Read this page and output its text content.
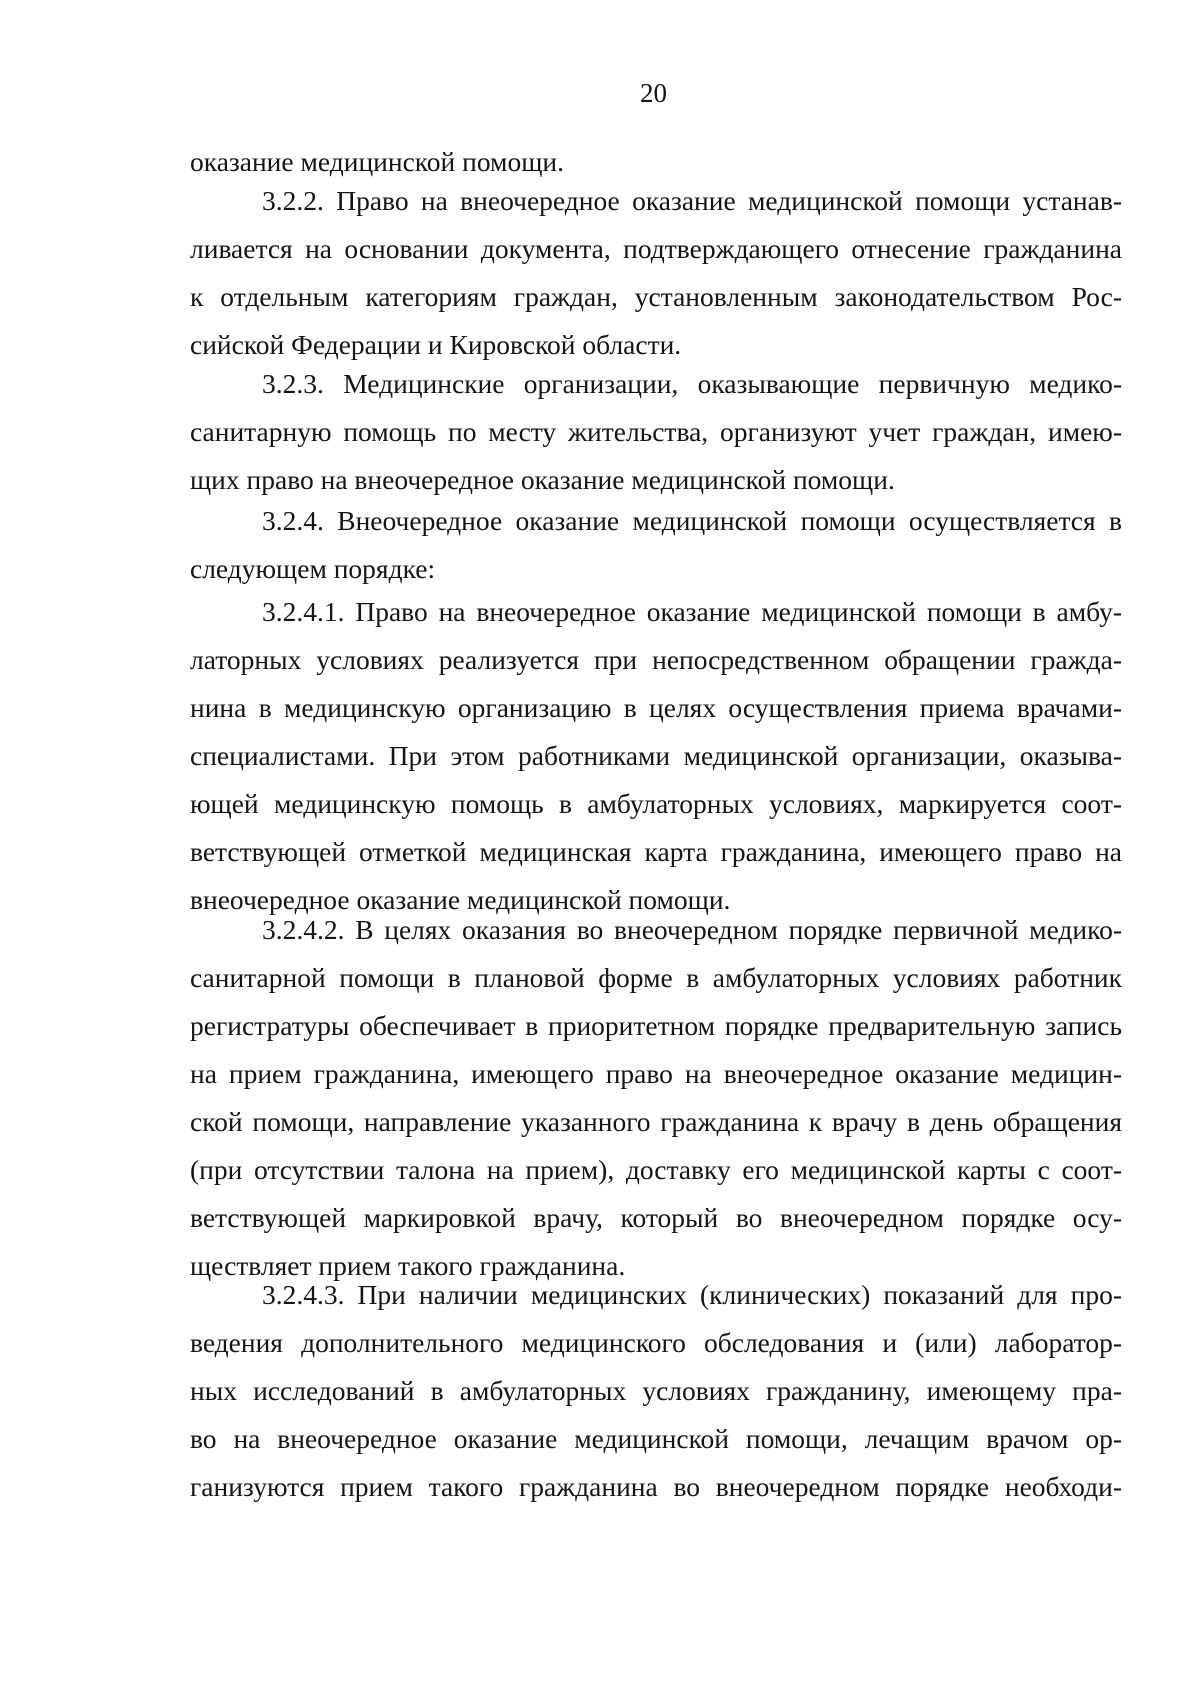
20
оказание медицинской помощи.
3.2.2. Право на внеочередное оказание медицинской помощи устанав-
ливается на основании документа, подтверждающего отнесение гражданина
к отдельным категориям граждан, установленным законодательством Рос-
сийской Федерации и Кировской области.
3.2.3. Медицинские организации, оказывающие первичную медико-
санитарную помощь по месту жительства, организуют учет граждан, имею-
щих право на внеочередное оказание медицинской помощи.
3.2.4. Внеочередное оказание медицинской помощи осуществляется в
следующем порядке:
3.2.4.1. Право на внеочередное оказание медицинской помощи в амбу-
латорных условиях реализуется при непосредственном обращении гражда-
нина в медицинскую организацию в целях осуществления приема врачами-
специалистами. При этом работниками медицинской организации, оказыва-
ющей медицинскую помощь в амбулаторных условиях, маркируется соот-
ветствующей отметкой медицинская карта гражданина, имеющего право на
внеочередное оказание медицинской помощи.
3.2.4.2. В целях оказания во внеочередном порядке первичной медико-
санитарной помощи в плановой форме в амбулаторных условиях работник
регистратуры обеспечивает в приоритетном порядке предварительную запись
на прием гражданина, имеющего право на внеочередное оказание медицин-
ской помощи, направление указанного гражданина к врачу в день обращения
(при отсутствии талона на прием), доставку его медицинской карты с соот-
ветствующей маркировкой врачу, который во внеочередном порядке осу-
ществляет прием такого гражданина.
3.2.4.3. При наличии медицинских (клинических) показаний для про-
ведения дополнительного медицинского обследования и (или) лаборатор-
ных исследований в амбулаторных условиях гражданину, имеющему пра-
во на внеочередное оказание медицинской помощи, лечащим врачом ор-
ганизуются прием такого гражданина во внеочередном порядке необходи-
